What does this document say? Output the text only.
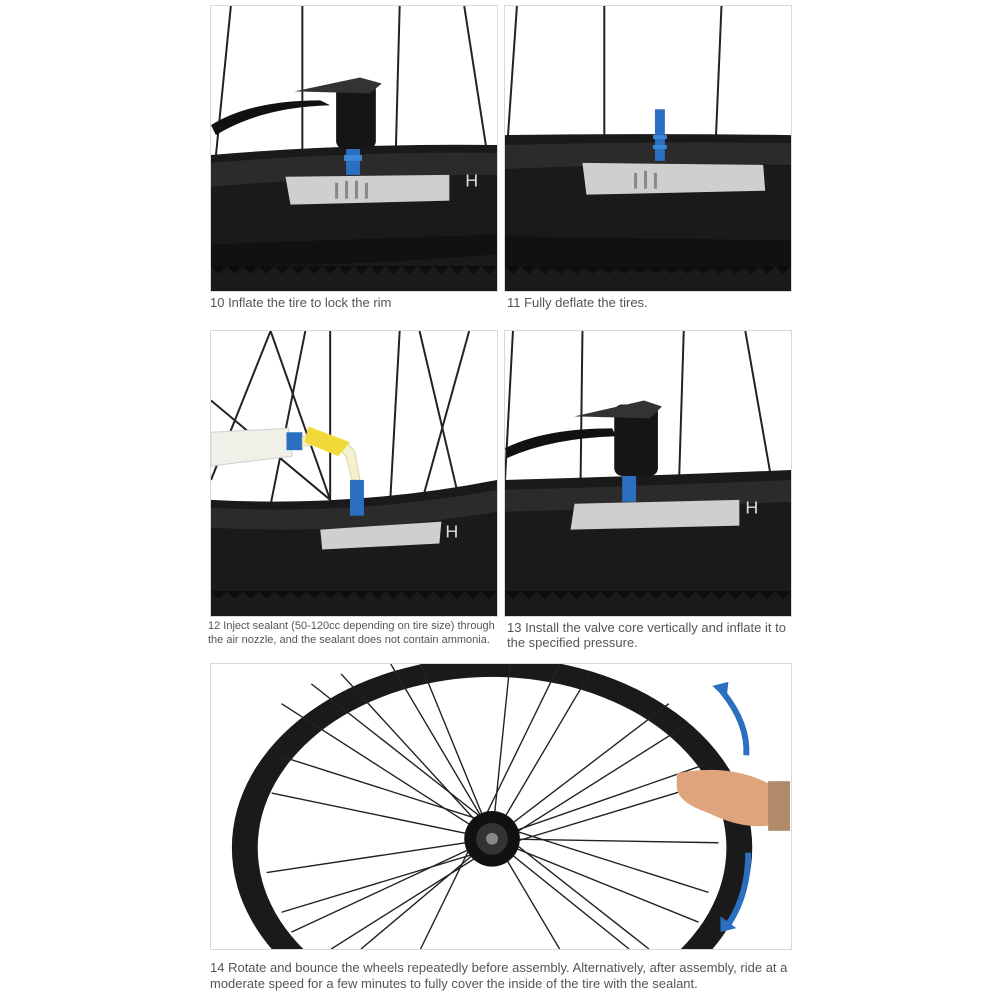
H
10 Inflate the tire to lock the rim	11 Fully deflate the tires.
H
12 Inject sealant (50-120cc depending on tire size) through the air nozzle, and the sealant does not contain ammonia.
H
13 Install the valve core vertically and inflate it to the specified pressure.
14 Rotate and bounce the wheels repeatedly before assembly. Alternatively, after assembly, ride at a moderate speed for a few minutes to fully cover the inside of the tire with the sealant.
